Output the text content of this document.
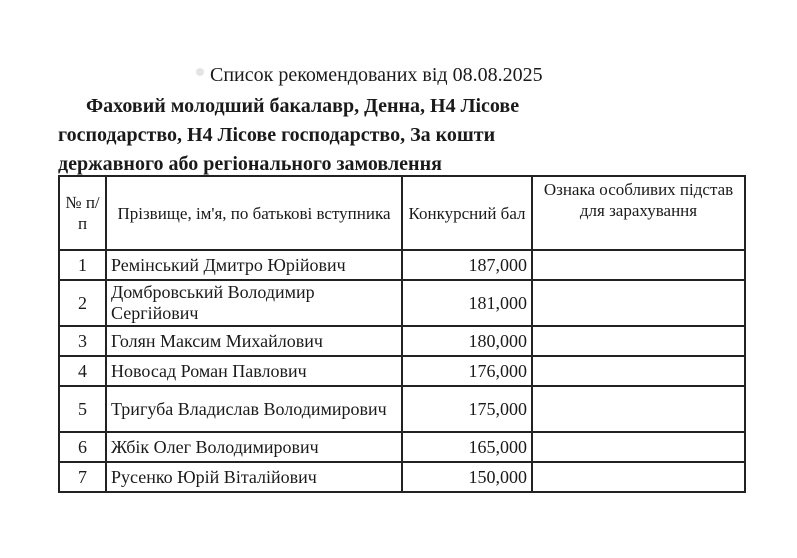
Список рекомендованих від 08.08.2025
Фаховий молодший бакалавр, Денна, H4 Лісове
господарство, H4 Лісове господарство, За кошти
державного або регіонального замовлення
№ п/п	Прізвище, ім'я, по батькові вступника	Конкурсний бал	Ознака особливих підстав для зарахування
1	Ремінський Дмитро Юрійович	187,000	
2	Домбровський Володимир Сергійович	181,000	
3	Голян Максим Михайлович	180,000	
4	Новосад Роман Павлович	176,000	
5	Тригуба Владислав Володимирович	175,000	
6	Жбік Олег Володимирович	165,000	
7	Русенко Юрій Віталійович	150,000	
